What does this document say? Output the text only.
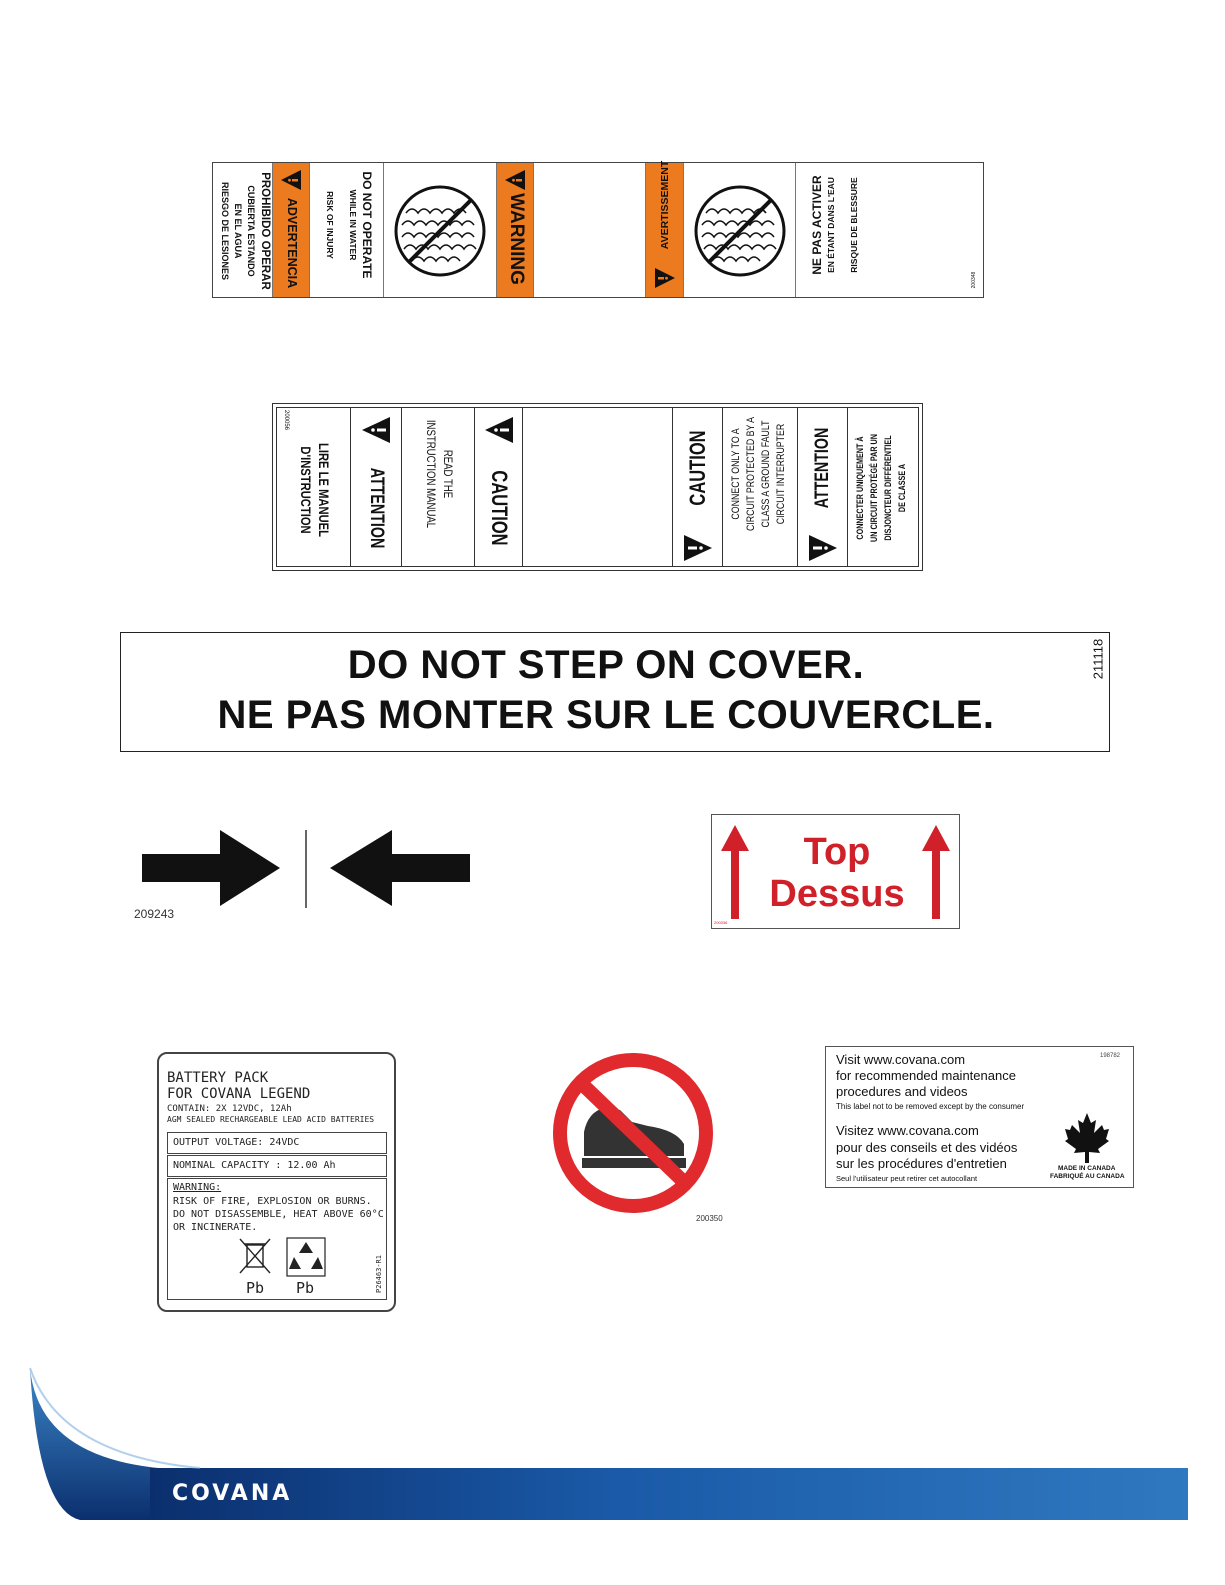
PROHIBIDO OPERAR
CUBIERTA ESTANDO
EN EL AGUA
RIESGO DE LESIONES	ADVERTENCIA	DO NOT OPERATE
WHILE IN WATER
RISK OF INJURY	WARNING	AVERTISSEMENT	NE PAS ACTIVER EN ÉTANT DANS L'EAU RISQUE DE BLESSURE
200348
200056
LIRE LE MANUEL
D'INSTRUCTION	ATTENTION	READ THE
INSTRUCTION MANUAL CAUTION
CAUTION CONNECT ONLY TO A CIRCUIT PROTECTED BY A CLASS A GROUND FAULT CIRCUIT INTERRUPTER ATTENTION CONNECTER UNIQUEMENT À UN CIRCUIT PROTÉGÉ PAR UN DISJONCTEUR DIFFÉRENTIEL DE CLASSE A
DO NOT STEP ON COVER.
NE PAS MONTER SUR LE COUVERCLE.
211118
209243
Top
Dessus
200336
BATTERY PACK
FOR COVANA LEGEND
CONTAIN: 2X 12VDC, 12Ah
AGM SEALED RECHARGEABLE LEAD ACID BATTERIES
OUTPUT VOLTAGE: 24VDC
NOMINAL CAPACITY : 12.00 Ah
WARNING:
RISK OF FIRE, EXPLOSION OR BURNS.
DO NOT DISASSEMBLE, HEAT ABOVE 60°C
OR INCINERATE.
Pb Pb	P26463-R1
200350
Visit www.covana.com
for recommended maintenance
procedures and videos
This label not to be removed except by the consumer
Visitez www.covana.com
pour des conseils et des vidéos
sur les procédures d'entretien
Seul l'utilisateur peut retirer cet autocollant
198782
MADE IN CANADA
FABRIQUÉ AU CANADA
COVANA
